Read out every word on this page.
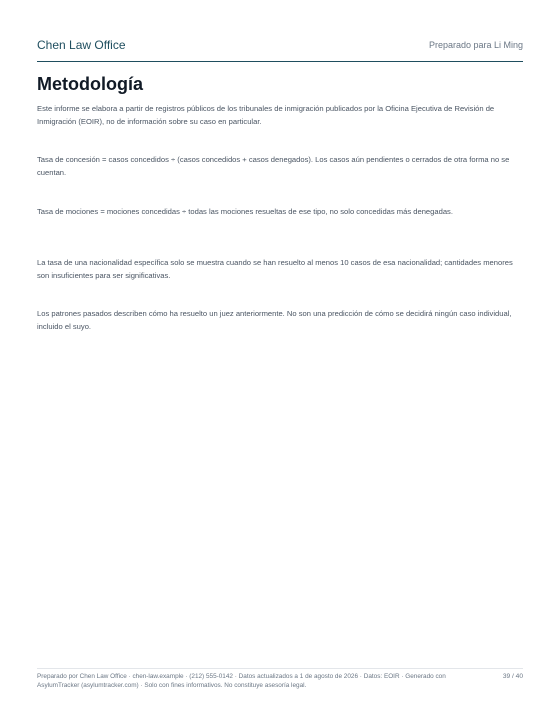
Chen Law Office	Preparado para Li Ming
Metodología

Este informe se elabora a partir de registros públicos de los tribunales de inmigración publicados por la Oficina Ejecutiva de Revisión de Inmigración (EOIR), no de información sobre su caso en particular.

Tasa de concesión = casos concedidos ÷ (casos concedidos + casos denegados). Los casos aún pendientes o cerrados de otra forma no se cuentan.

Tasa de mociones = mociones concedidas ÷ todas las mociones resueltas de ese tipo, no solo concedidas más denegadas.

La tasa de una nacionalidad específica solo se muestra cuando se han resuelto al menos 10 casos de esa nacionalidad; cantidades menores son insuficientes para ser significativas.

Los patrones pasados describen cómo ha resuelto un juez anteriormente. No son una predicción de cómo se decidirá ningún caso individual, incluido el suyo.

Preparado por Chen Law Office · chen-law.example · (212) 555-0142 · Datos actualizados a 1 de agosto de 2026 · Datos: EOIR · Generado con AsylumTracker (asylumtracker.com) · Solo con fines informativos. No constituye asesoría legal.
39 / 40
